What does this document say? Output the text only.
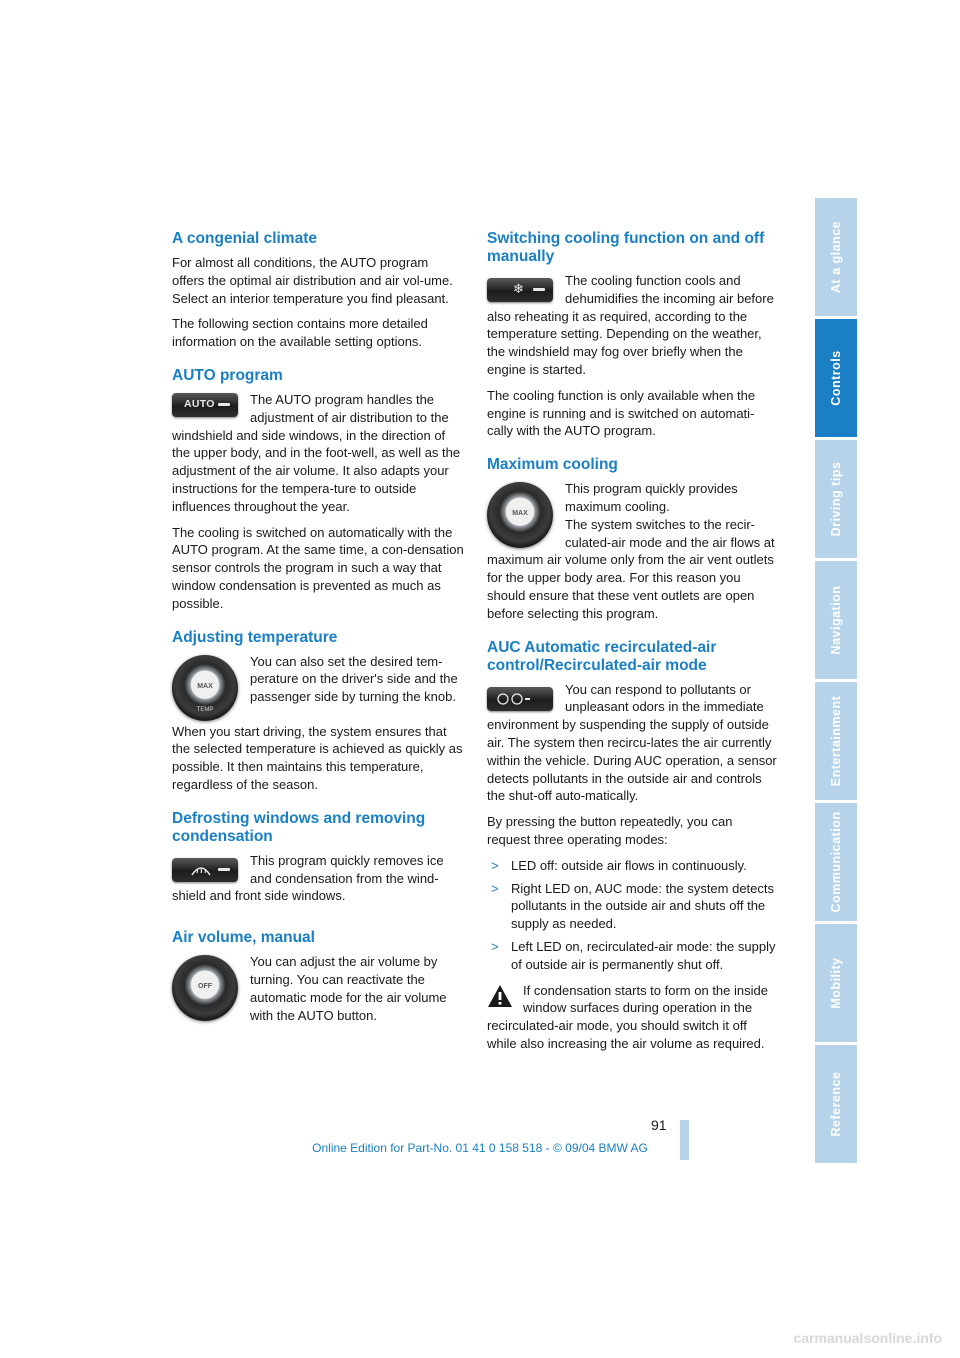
A congenial climate

For almost all conditions, the AUTO program offers the optimal air distribution and air vol-ume. Select an interior temperature you find pleasant.

The following section contains more detailed information on the available setting options.

AUTO program
AUTO	The AUTO program handles the adjustment of air distribution to the windshield and side windows, in the direction of the upper body, and in the foot-well, as well as the adjustment of the air volume. It also adapts your instructions for the tempera-ture to outside influences throughout the year.

The cooling is switched on automatically with the AUTO program. At the same time, a con-densation sensor controls the program in such a way that window condensation is prevented as much as possible.

Adjusting temperature
MAX
TEMP

You can also set the desired tem-perature on the driver's side and the passenger side by turning the knob.

When you start driving, the system ensures that the selected temperature is achieved as quickly as possible. It then maintains this temperature, regardless of the season.

Defrosting windows and removing condensation

This program quickly removes ice and condensation from the wind-shield and front side windows.

Air volume, manual
OFF

You can adjust the air volume by turning. You can reactivate the automatic mode for the air volume with the AUTO button.

Switching cooling function on and off manually
❄

The cooling function cools and dehumidifies the incoming air before also reheating it as required, according to the temperature setting. Depending on the weather, the windshield may fog over briefly when the engine is started.

The cooling function is only available when the engine is running and is switched on automati-cally with the AUTO program.

Maximum cooling
MAX

This program quickly provides maximum cooling.

The system switches to the recir-culated-air mode and the air flows at maximum air volume only from the air vent outlets for the upper body area. For this reason you should ensure that these vent outlets are open before selecting this program.

AUC Automatic recirculated-air control/Recirculated-air mode

You can respond to pollutants or unpleasant odors in the immediate environment by suspending the supply of outside air. The system then recircu-lates the air currently within the vehicle. During AUC operation, a sensor detects pollutants in the outside air and controls the shut-off auto-matically.

By pressing the button repeatedly, you can request three operating modes:

> LED off: outside air flows in continuously.
> Right LED on, AUC mode: the system detects pollutants in the outside air and shuts off the supply as needed.
> Left LED on, recirculated-air mode: the supply of outside air is permanently shut off.

If condensation starts to form on the inside window surfaces during operation in the recirculated-air mode, you should switch it off while also increasing the air volume as required.

At a glance
Controls
Driving tips
Navigation
Entertainment
Communication
Mobility
Reference
91
Online Edition for Part-No. 01 41 0 158 518 - © 09/04 BMW AG
carmanualsonline.info
